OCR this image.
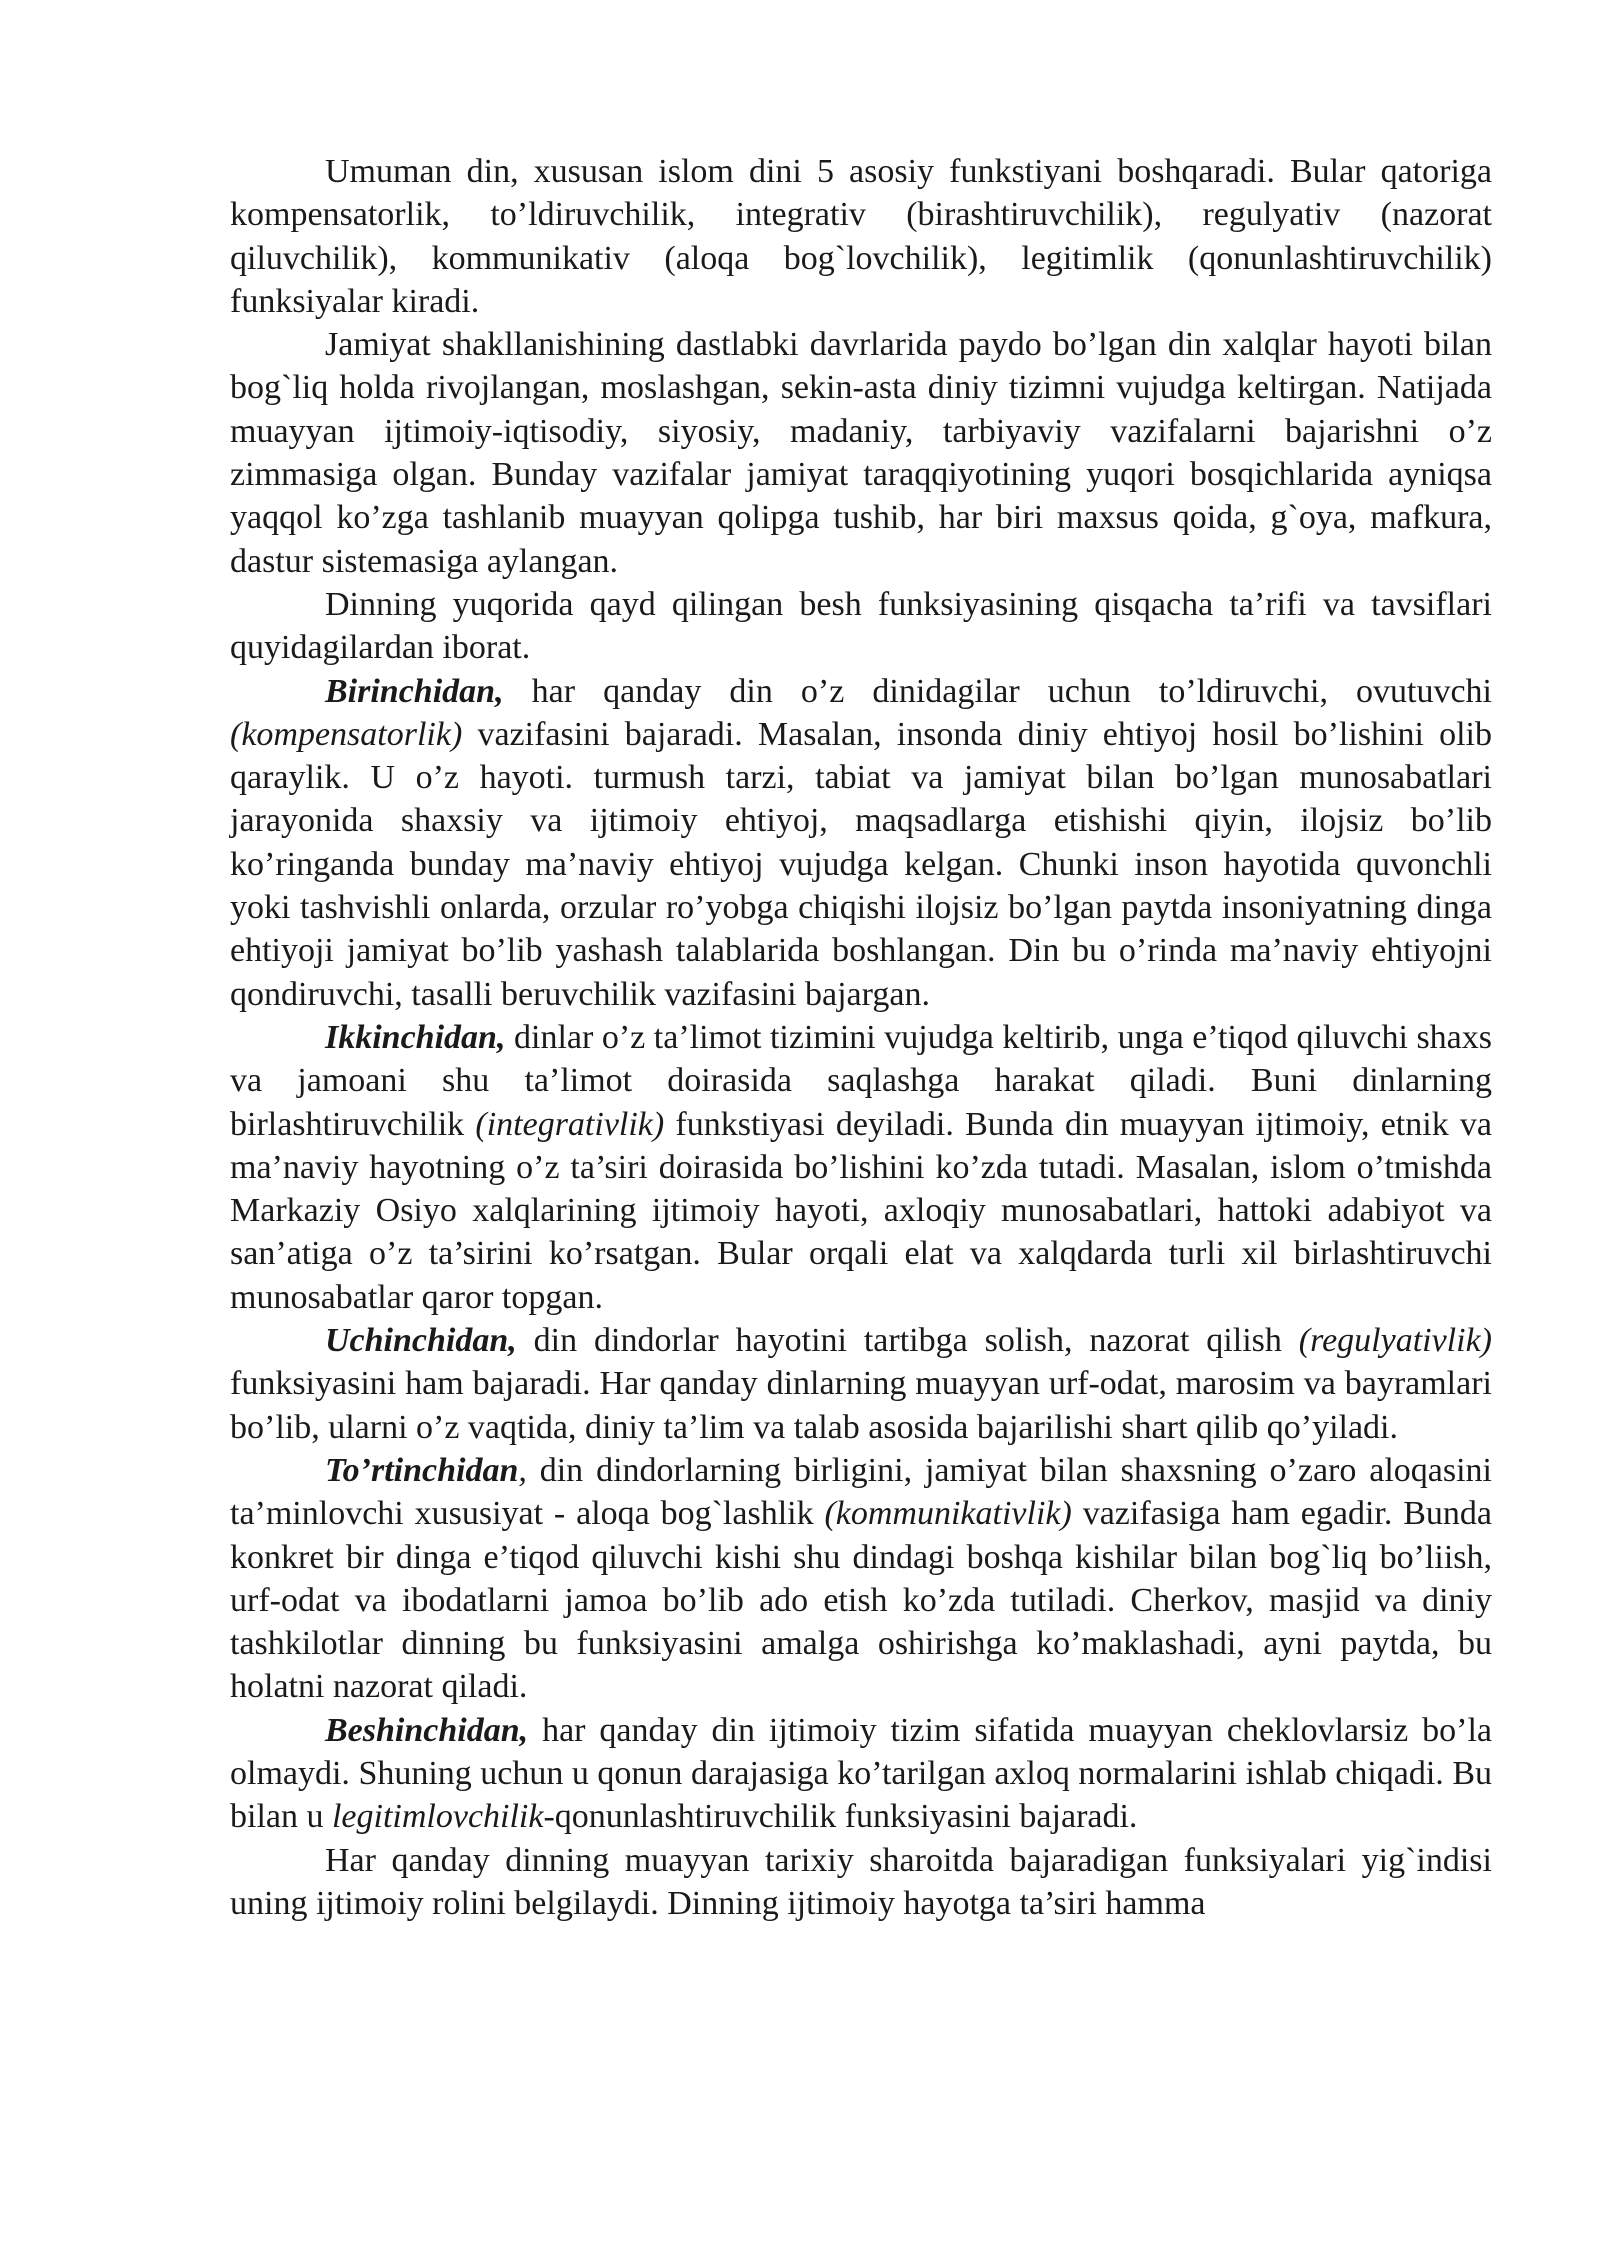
Umuman din, xususan islom dini 5 asosiy funkstiyani boshqaradi. Bular qatoriga kompensatorlik, to’ldiruvchilik, integrativ (birashtiruvchilik), regulyativ (nazorat qiluvchilik), kommunikativ (aloqa bog`lovchilik), legitimlik (qonunlashtiruvchilik) funksiyalar kiradi.

Jamiyat shakllanishining dastlabki davrlarida paydo bo’lgan din xalqlar hayoti bilan bog`liq holda rivojlangan, moslashgan, sekin-asta diniy tizimni vujudga keltirgan. Natijada muayyan ijtimoiy-iqtisodiy, siyosiy, madaniy, tarbiyaviy vazifalarni bajarishni o’z zimmasiga olgan. Bunday vazifalar jamiyat taraqqiyotining yuqori bosqichlarida ayniqsa yaqqol ko’zga tashlanib muayyan qolipga tushib, har biri maxsus qoida, g`oya, mafkura, dastur sistemasiga aylangan.

Dinning yuqorida qayd qilingan besh funksiyasining qisqacha ta’rifi va tavsiflari quyidagilardan iborat.

Birinchidan, har qanday din o’z dinidagilar uchun to’ldiruvchi, ovutuvchi (kompensatorlik) vazifasini bajaradi. Masalan, insonda diniy ehtiyoj hosil bo’lishini olib qaraylik. U o’z hayoti. turmush tarzi, tabiat va jamiyat bilan bo’lgan munosabatlari jarayonida shaxsiy va ijtimoiy ehtiyoj, maqsadlarga etishishi qiyin, ilojsiz bo’lib ko’ringanda bunday ma’naviy ehtiyoj vujudga kelgan. Chunki inson hayotida quvonchli yoki tashvishli onlarda, orzular ro’yobga chiqishi ilojsiz bo’lgan paytda insoniyatning dinga ehtiyoji jamiyat bo’lib yashash talablarida boshlangan. Din bu o’rinda ma’naviy ehtiyojni qondiruvchi, tasalli beruvchilik vazifasini bajargan.

Ikkinchidan, dinlar o’z ta’limot tizimini vujudga keltirib, unga e’tiqod qiluvchi shaxs va jamoani shu ta’limot doirasida saqlashga harakat qiladi. Buni dinlarning birlashtiruvchilik (integrativlik) funkstiyasi deyiladi. Bunda din muayyan ijtimoiy, etnik va ma’naviy hayotning o’z ta’siri doirasida bo’lishini ko’zda tutadi. Masalan, islom o’tmishda Markaziy Osiyo xalqlarining ijtimoiy hayoti, axloqiy munosabatlari, hattoki adabiyot va san’atiga o’z ta’sirini ko’rsatgan. Bular orqali elat va xalqdarda turli xil birlashtiruvchi munosabatlar qaror topgan.

Uchinchidan, din dindorlar hayotini tartibga solish, nazorat qilish (regulyativlik) funksiyasini ham bajaradi. Har qanday dinlarning muayyan urf-odat, marosim va bayramlari bo’lib, ularni o’z vaqtida, diniy ta’lim va talab asosida bajarilishi shart qilib qo’yiladi.

To’rtinchidan, din dindorlarning birligini, jamiyat bilan shaxsning o’zaro aloqasini ta’minlovchi xususiyat - aloqa bog`lashlik (kommunikativlik) vazifasiga ham egadir. Bunda konkret bir dinga e’tiqod qiluvchi kishi shu dindagi boshqa kishilar bilan bog`liq bo’liish, urf-odat va ibodatlarni jamoa bo’lib ado etish ko’zda tutiladi. Cherkov, masjid va diniy tashkilotlar dinning bu funksiyasini amalga oshirishga ko’maklashadi, ayni paytda, bu holatni nazorat qiladi.

Beshinchidan, har qanday din ijtimoiy tizim sifatida muayyan cheklovlarsiz bo’la olmaydi. Shuning uchun u qonun darajasiga ko’tarilgan axloq normalarini ishlab chiqadi. Bu bilan u legitimlovchilik-qonunlashtiruvchilik funksiyasini bajaradi.

Har qanday dinning muayyan tarixiy sharoitda bajaradigan funksiyalari yig`indisi uning ijtimoiy rolini belgilaydi. Dinning ijtimoiy hayotga ta’siri hamma
